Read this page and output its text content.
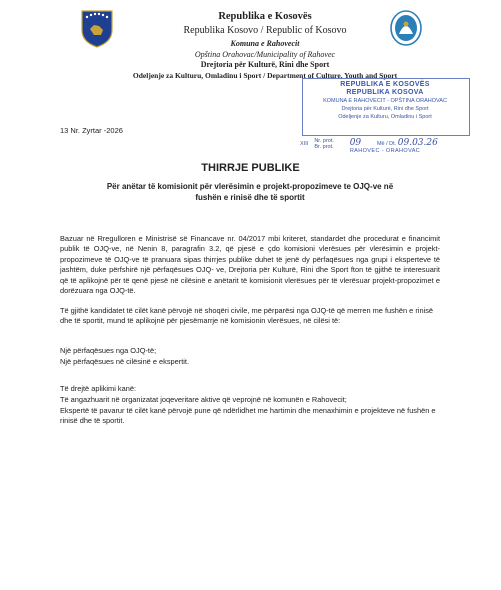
Republika e Kosovës
Republika Kosovo / Republic of Kosovo
Komuna e Rahovecit
Opština Orahovac/Municipality of Rahovec
Drejtoria për Kulturë, Rini dhe Sport
Odeljenje za Kulturu, Omladinu i Sport / Department of Culture, Youth and Sport
REPUBLIKA E KOSOVËS
REPUBLIKA KOSOVA
KOMUNA E RAHOVECIT - OPŠTINA ORAHOVAC
Drejtoria për Kulturë, Rini dhe Sport
Odeljenje za Kulturu, Omladinu i Sport
XIII Nr. prot.
Br. prot. 09	Më / Dt. 09.03.26
RAHOVEC - ORAHOVAC
13 Nr. Zyrtar -2026
THIRRJE PUBLIKE
Për anëtar të komisionit për vlerësimin e projekt-propozimeve te OJQ-ve në fushën e rinisë dhe të sportit
Bazuar në Rregulloren e Ministrisë së Financave nr. 04/2017 mbi kriteret, standardet dhe procedurat e financimit publik të OJQ-ve, në Nenin 8, paragrafin 3.2, që pjesë e çdo komisioni vlerësues për vlerësimin e projekt-propozimeve të OJQ-ve të pranuara sipas thirrjes publike duhet të jenë dy përfaqësues nga grupi i eksperteve të jashtëm, duke përfshirë një përfaqësues OJQ- ve, Drejtoria për Kulturë, Rini dhe Sport fton të gjithë te interesuarit që të aplikojnë për të qenë pjesë në cilësinë e anëtarit të komisionit vlerësues për të vlerësuar projekt-propozimet e dorëzuara nga OJQ-të.
Të gjithë kandidatet të cilët kanë përvojë në shoqëri civile, me përparësi nga OJQ-të që merren me fushën e rinisë dhe të sportit, mund të aplikojnë për pjesëmarrje në komisionin vlerësues, në cilësi të:
Një përfaqësues nga OJQ-të;
Një përfaqësues në cilësinë e ekspertit.
Të drejtë aplikimi kanë:
Të angazhuarit në organizatat joqeveritare aktive që veprojnë në komunën e Rahovecit;
Ekspertë të pavarur të cilët kanë përvojë pune që ndërlidhet me hartimin dhe menaxhimin e projekteve në fushën e rinisë dhe të sportit.
